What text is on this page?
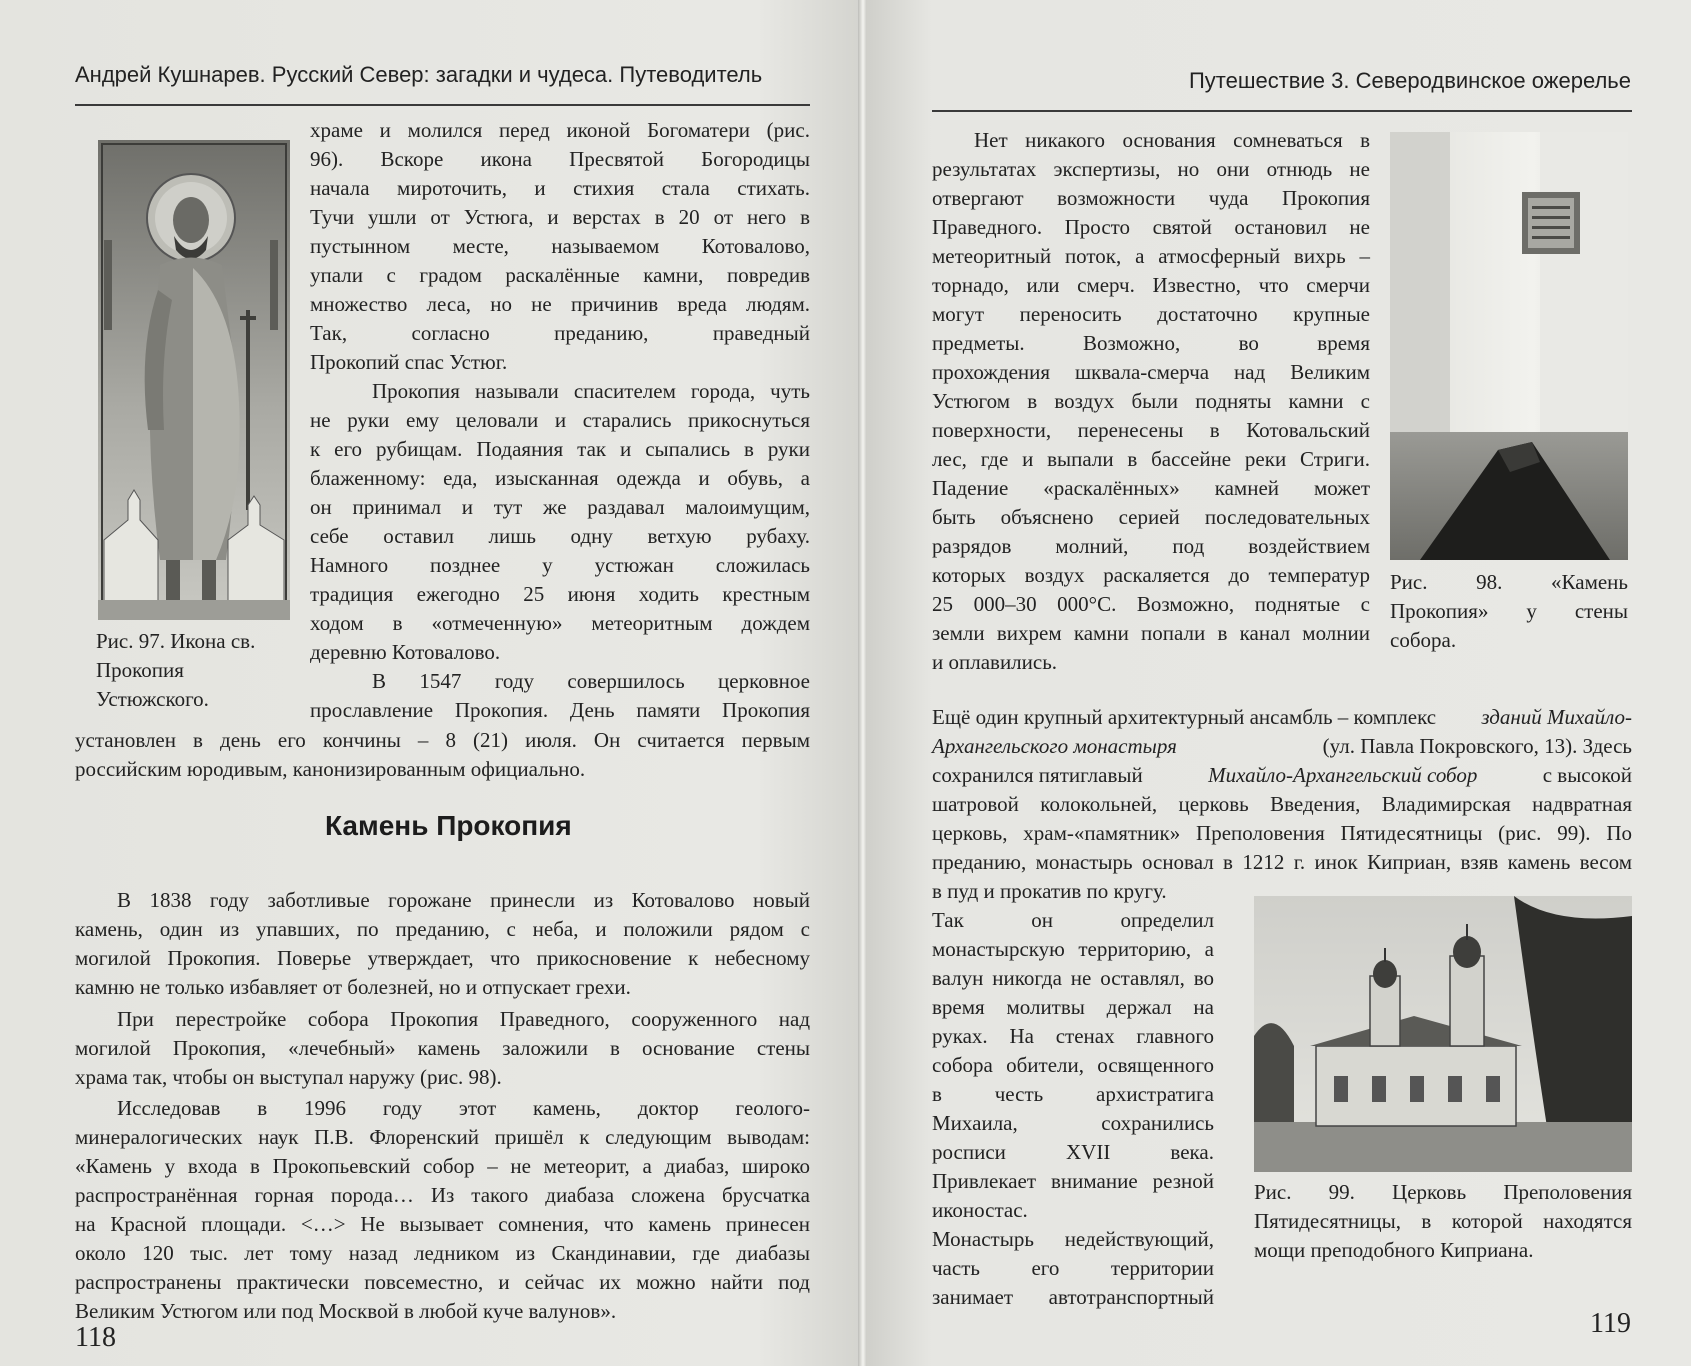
Андрей Кушнарев. Русский Север: загадки и чудеса. Путеводитель
Рис. 97. Икона св.
Прокопия
Устюжского.
храме и молился перед иконой Богоматери (рис.
96). Вскоре икона Пресвятой Богородицы
начала мироточить, и стихия стала стихать.
Тучи ушли от Устюга, и верстах в 20 от него в
пустынном месте, называемом Котовалово,
упали с градом раскалённые камни, повредив
множество леса, но не причинив вреда людям.
Так, согласно преданию, праведный
Прокопий спас Устюг.
Прокопия называли спасителем города, чуть
не руки ему целовали и старались прикоснуться
к его рубищам. Подаяния так и сыпались в руки
блаженному: еда, изысканная одежда и обувь, а
он принимал и тут же раздавал малоимущим,
себе оставил лишь одну ветхую рубаху.
Намного позднее у устюжан сложилась
традиция ежегодно 25 июня ходить крестным
ходом в «отмеченную» метеоритным дождем
деревню Котовалово.
В 1547 году совершилось церковное
прославление Прокопия. День памяти Прокопия
установлен в день его кончины – 8 (21) июля. Он считается первым
российским юродивым, канонизированным официально.
Камень Прокопия
В 1838 году заботливые горожане принесли из Котовалово новый
камень, один из упавших, по преданию, с неба, и положили рядом с
могилой Прокопия. Поверье утверждает, что прикосновение к небесному
камню не только избавляет от болезней, но и отпускает грехи.
При перестройке собора Прокопия Праведного, сооруженного над
могилой Прокопия, «лечебный» камень заложили в основание стены
храма так, чтобы он выступал наружу (рис. 98).
Исследовав в 1996 году этот камень, доктор геолого-
минералогических наук П.В. Флоренский пришёл к следующим выводам:
«Камень у входа в Прокопьевский собор – не метеорит, а диабаз, широко
распространённая горная порода… Из такого диабаза сложена брусчатка
на Красной площади. <…> Не вызывает сомнения, что камень принесен
около 120 тыс. лет тому назад ледником из Скандинавии, где диабазы
распространены практически повсеместно, и сейчас их можно найти под
Великим Устюгом или под Москвой в любой куче валунов».
118
Путешествие 3. Северодвинское ожерелье
Нет никакого основания сомневаться в
результатах экспертизы, но они отнюдь не
отвергают возможности чуда Прокопия
Праведного. Просто святой остановил не
метеоритный поток, а атмосферный вихрь –
торнадо, или смерч. Известно, что смерчи
могут переносить достаточно крупные
предметы. Возможно, во время
прохождения шквала-смерча над Великим
Устюгом в воздух были подняты камни с
поверхности, перенесены в Котовальский
лес, где и выпали в бассейне реки Стриги.
Падение «раскалённых» камней может
быть объяснено серией последовательных
разрядов молний, под воздействием
которых воздух раскаляется до температур
25 000–30 000°С. Возможно, поднятые с
земли вихрем камни попали в канал молнии
и оплавились.
Рис. 98. «Камень
Прокопия» у стены
собора.
Ещё один крупный архитектурный ансамбль – комплекс зданий Михайло-
Архангельского монастыря	(ул. Павла Покровского, 13). Здесь
сохранился пятиглавый	Михайло-Архангельский собор	с высокой
шатровой колокольней, церковь Введения, Владимирская надвратная
церковь, храм-«памятник» Преполовения Пятидесятницы (рис. 99). По
преданию, монастырь основал в 1212 г. инок Киприан, взяв камень весом
в пуд и прокатив по кругу.
Так он определил
монастырскую территорию, а
валун никогда не оставлял, во
время молитвы держал на
руках. На стенах главного
собора обители, освященного
в честь архистратига
Михаила, сохранились
росписи XVII века.
Привлекает внимание резной
иконостас.
Монастырь недействующий,
часть его территории
занимает автотранспортный
Рис. 99. Церковь Преполовения
Пятидесятницы, в которой находятся
мощи преподобного Киприана.
119
